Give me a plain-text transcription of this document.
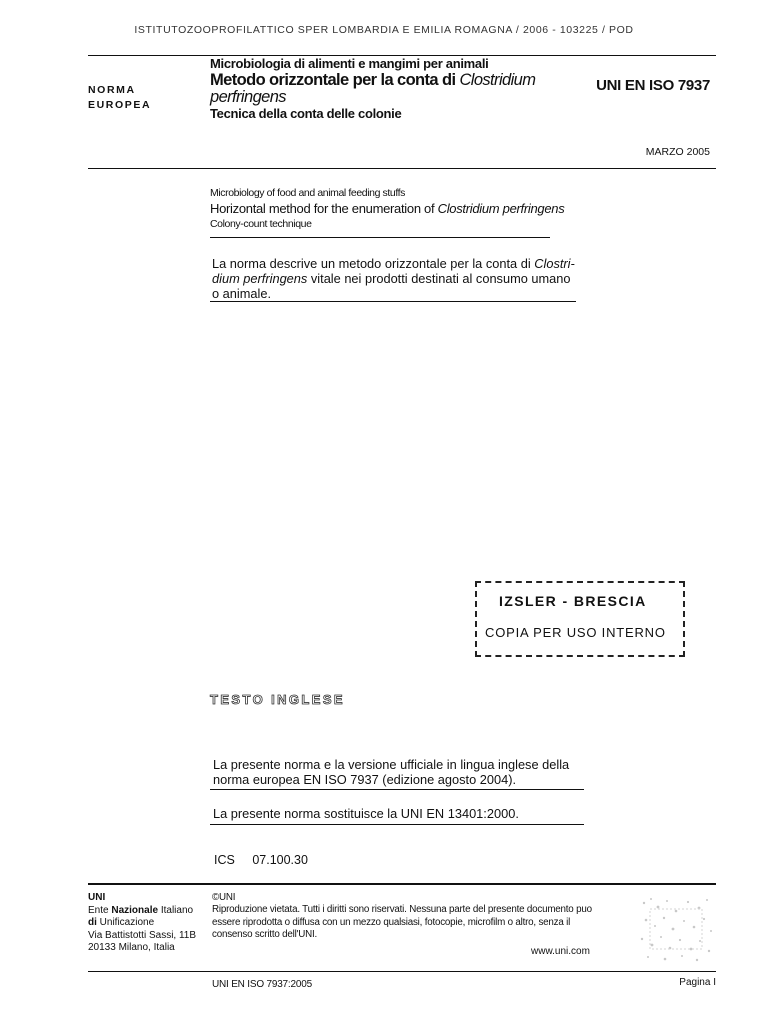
ISTITUTOZOOPROFILATTICO SPER LOMBARDIA E EMILIA ROMAGNA / 2006 - 103225 / POD
NORMA
EUROPEA
Microbiologia di alimenti e mangimi per animali
Metodo orizzontale per la conta di Clostridium
perfringens
Tecnica della conta delle colonie
UNI EN ISO 7937
MARZO 2005
Microbiology of food and animal feeding stuffs
Horizontal method for the enumeration of Clostridium perfringens
Colony-count technique
La norma descrive un metodo orizzontale per la conta di Clostri-
dium perfringens vitale nei prodotti destinati al consumo umano o animale.
IZSLER - BRESCIA
COPIA PER USO INTERNO
TESTO INGLESE
La presente norma e la versione ufficiale in lingua inglese della norma europea EN ISO 7937 (edizione agosto 2004).
La presente norma sostituisce la UNI EN 13401:2000.
ICS 07.100.30
UNI
Ente Nazionale Italiano
di Unificazione
Via Battistotti Sassi, 11B
20133 Milano, Italia
©UNI
Riproduzione vietata. Tutti i diritti sono riservati. Nessuna parte del presente documento puo essere riprodotta o diffusa con un mezzo qualsiasi, fotocopie, microfilm o altro, senza il consenso scritto dell'UNI.
www.uni.com
UNI EN ISO 7937:2005	Pagina I
